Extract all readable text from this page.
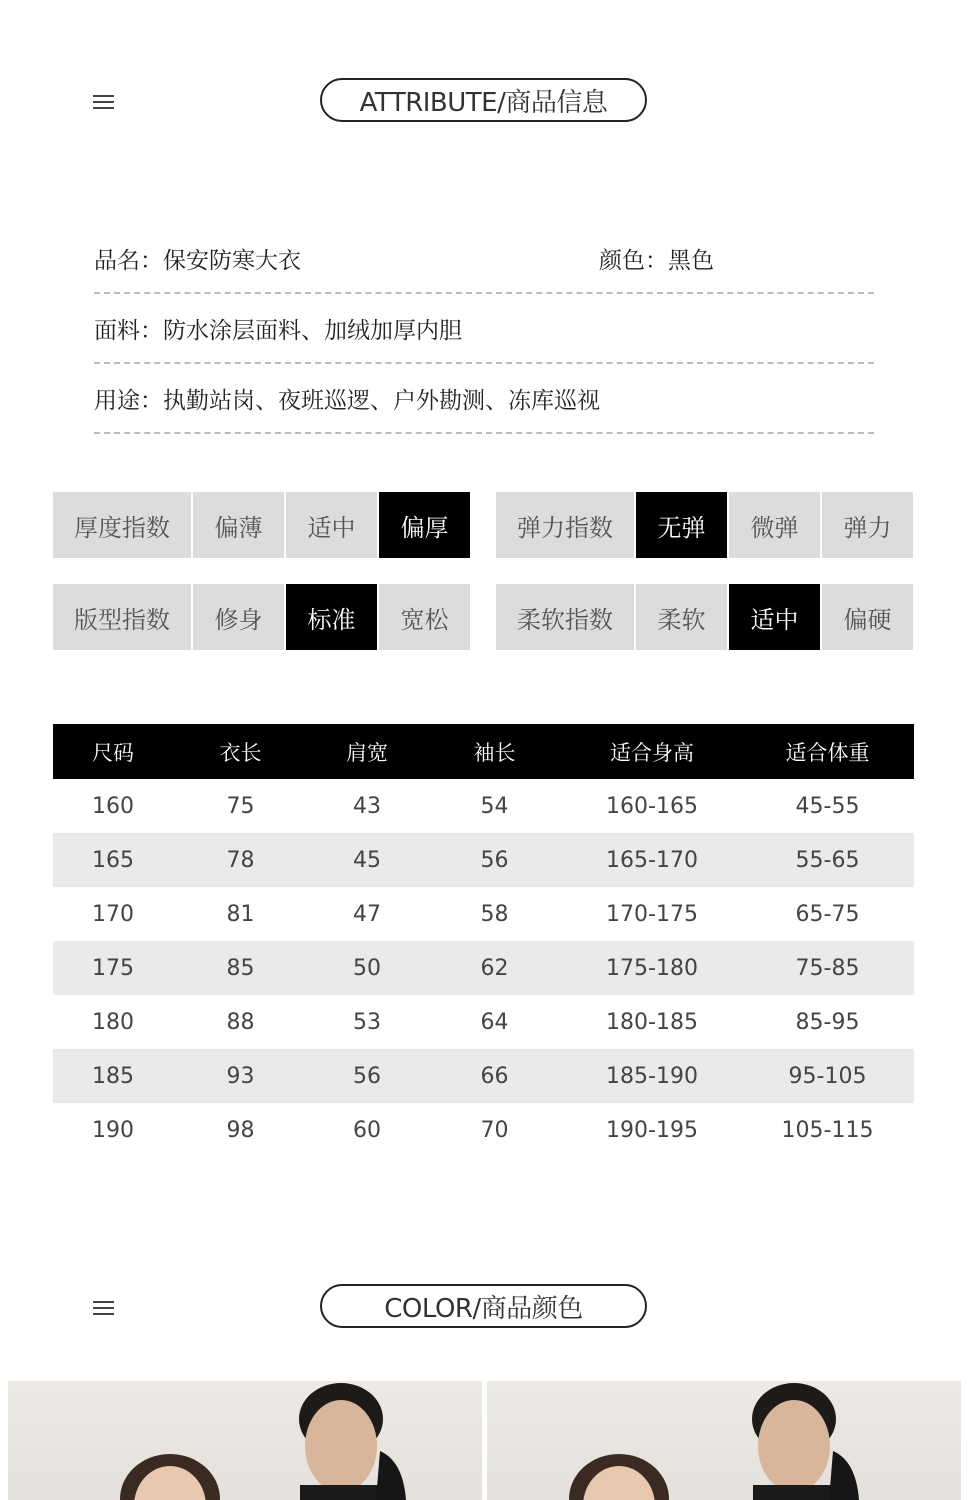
ATTRIBUTE/商品信息
品名：保安防寒大衣	颜色：黑色
面料：防水涂层面料、加绒加厚内胆
用途：执勤站岗、夜班巡逻、户外勘测、冻库巡视
厚度指数	偏薄	适中	偏厚	弹力指数	无弹	微弹	弹力
版型指数	修身	标准	宽松	柔软指数	柔软	适中	偏硬
尺码	衣长	肩宽	袖长	适合身高	适合体重
160	75	43	54	160-165	45-55
165	78	45	56	165-170	55-65
170	81	47	58	170-175	65-75
175	85	50	62	175-180	75-85
180	88	53	64	180-185	85-95
185	93	56	66	185-190	95-105
190	98	60	70	190-195	105-115
COLOR/商品颜色
